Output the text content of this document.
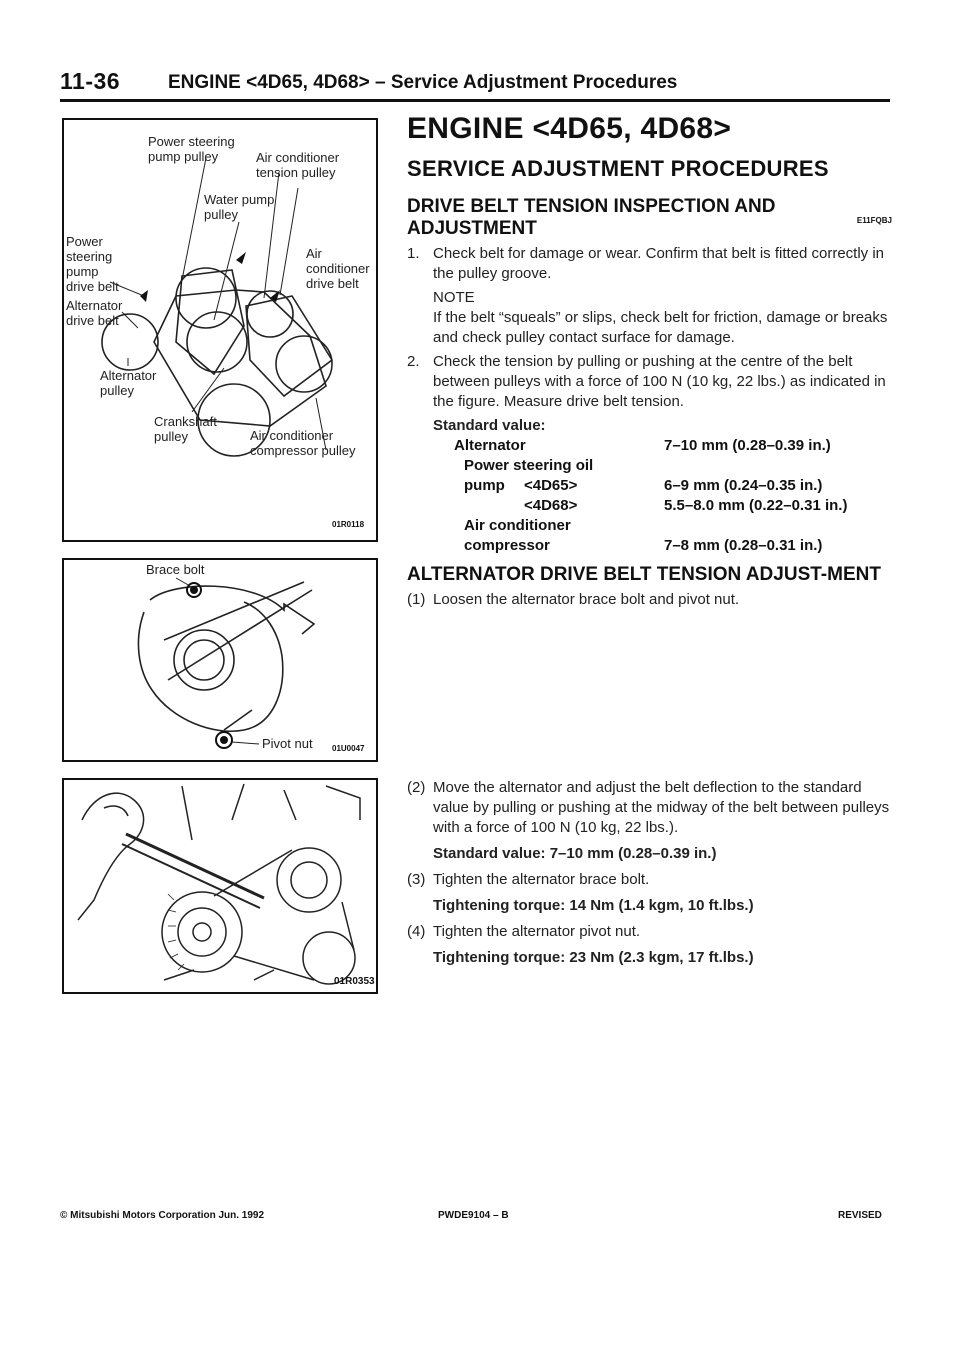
11-36	ENGINE <4D65, 4D68> – Service Adjustment Procedures
Power steering
pump pulley	Air conditioner
tension pulley
Water pump
pulley
Power
steering
pump
drive belt
Alternator
drive belt
Air
conditioner
drive belt
Alternator
pulley
Crankshaft
pulley	Air conditioner
compressor pulley
01R0118
Brace bolt
Pivot nut 01U0047
01R0353
ENGINE <4D65, 4D68>
SERVICE ADJUSTMENT PROCEDURES
E11FQBJ
DRIVE BELT TENSION INSPECTION AND ADJUSTMENT
1. Check belt for damage or wear. Confirm that belt is fitted correctly in the pulley groove.
NOTE
If the belt “squeals” or slips, check belt for friction, damage or breaks and check pulley contact surface for damage.
2. Check the tension by pulling or pushing at the centre of the belt between pulleys with a force of 100 N (10 kg, 22 lbs.) as indicated in the figure. Measure drive belt tension.
Standard value:
Alternator	7–10 mm (0.28–0.39 in.)
Power steering oil
pump	<4D65>	6–9 mm (0.24–0.35 in.)
<4D68>	5.5–8.0 mm (0.22–0.31 in.)
Air conditioner
compressor	7–8 mm (0.28–0.31 in.)
ALTERNATOR DRIVE BELT TENSION ADJUST-MENT
(1) Loosen the alternator brace bolt and pivot nut.
(2) Move the alternator and adjust the belt deflection to the standard value by pulling or pushing at the midway of the belt between pulleys with a force of 100 N (10 kg, 22 lbs.).
Standard value: 7–10 mm (0.28–0.39 in.)
(3) Tighten the alternator brace bolt.
Tightening torque: 14 Nm (1.4 kgm, 10 ft.lbs.)
(4) Tighten the alternator pivot nut.
Tightening torque: 23 Nm (2.3 kgm, 17 ft.lbs.)
© Mitsubishi Motors Corporation Jun. 1992	PWDE9104 – B	REVISED
